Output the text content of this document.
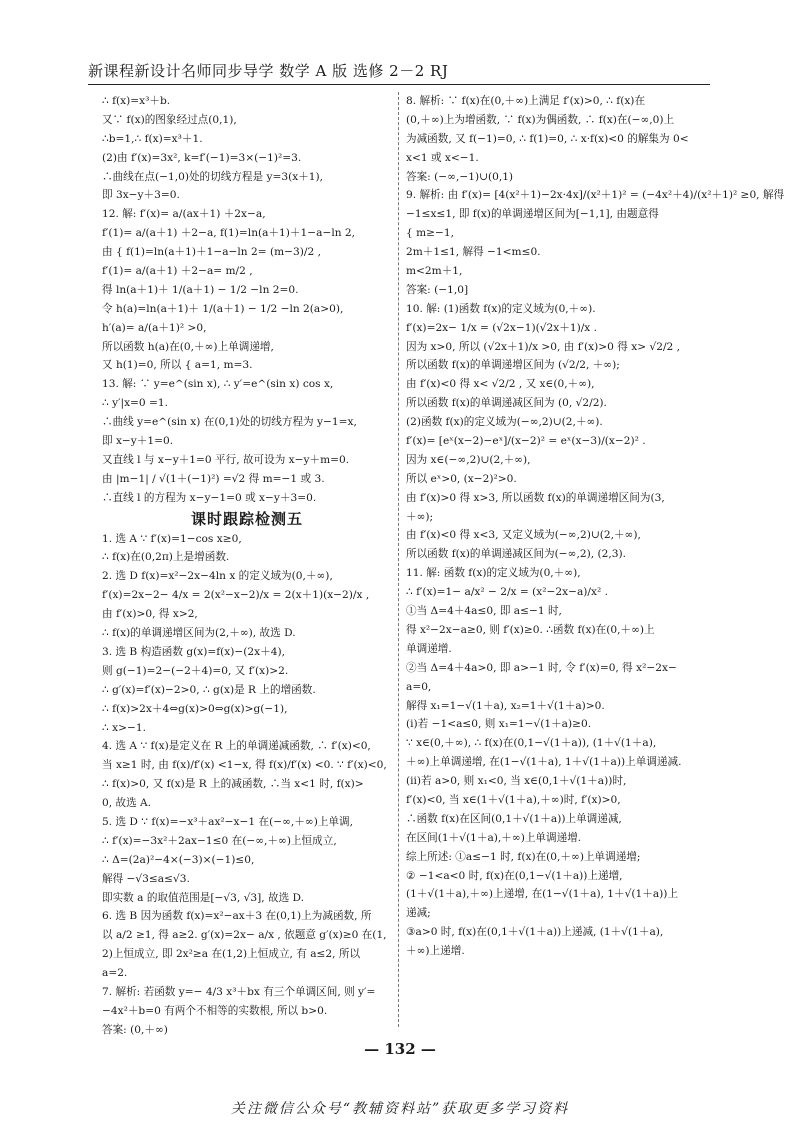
新课程新设计名师同步导学 数学 A 版 选修 2－2 RJ
∴ f(x)=x³＋b.
又∵ f(x)的图象经过点(0,1),
∴b=1,∴ f(x)=x³＋1.
(2)由 f′(x)=3x², k=f′(−1)=3×(−1)²=3.
∴曲线在点(−1,0)处的切线方程是 y=3(x＋1),
即 3x−y＋3=0.
12. 解: f′(x)= a/(ax＋1) ＋2x−a,
f′(1)= a/(a＋1) ＋2−a, f(1)=ln(a＋1)＋1−a−ln 2,
由 { f(1)=ln(a＋1)＋1−a−ln 2= (m−3)/2 ,
f′(1)= a/(a＋1) ＋2−a= m/2 ,
得 ln(a＋1)＋ 1/(a＋1) − 1/2 −ln 2=0.
令 h(a)=ln(a＋1)＋ 1/(a＋1) − 1/2 −ln 2(a>0),
h′(a)= a/(a＋1)² >0,
所以函数 h(a)在(0,＋∞)上单调递增,
又 h(1)=0, 所以 { a=1, m=3.
13. 解: ∵ y=e^(sin x), ∴ y′=e^(sin x) cos x,
∴ y′|x=0 =1.
∴曲线 y=e^(sin x) 在(0,1)处的切线方程为 y−1=x,
即 x−y＋1=0.
又直线 l 与 x−y＋1=0 平行, 故可设为 x−y＋m=0.
由 |m−1| / √(1＋(−1)²) =√2 得 m=−1 或 3.
∴直线 l 的方程为 x−y−1=0 或 x−y＋3=0.
课时跟踪检测五
1. 选 A ∵ f′(x)=1−cos x≥0,
∴ f(x)在(0,2π)上是增函数.
2. 选 D f(x)=x²−2x−4ln x 的定义域为(0,＋∞),
f′(x)=2x−2− 4/x = 2(x²−x−2)/x = 2(x＋1)(x−2)/x ,
由 f′(x)>0, 得 x>2,
∴ f(x)的单调递增区间为(2,＋∞), 故选 D.
3. 选 B 构造函数 g(x)=f(x)−(2x＋4),
则 g(−1)=2−(−2＋4)=0, 又 f′(x)>2.
∴ g′(x)=f′(x)−2>0, ∴ g(x)是 R 上的增函数.
∴ f(x)>2x＋4⇔g(x)>0⇔g(x)>g(−1),
∴ x>−1.
4. 选 A ∵ f(x)是定义在 R 上的单调递减函数, ∴ f′(x)<0,
当 x≥1 时, 由 f(x)/f′(x) <1−x, 得 f(x)/f′(x) <0. ∵ f′(x)<0,
∴ f(x)>0, 又 f(x)是 R 上的减函数, ∴当 x<1 时, f(x)>
0, 故选 A.
5. 选 D ∵ f(x)=−x³＋ax²−x−1 在(−∞,＋∞)上单调,
∴ f′(x)=−3x²＋2ax−1≤0 在(−∞,＋∞)上恒成立,
∴ Δ=(2a)²−4×(−3)×(−1)≤0,
解得 −√3≤a≤√3.
即实数 a 的取值范围是[−√3, √3], 故选 D.
6. 选 B 因为函数 f(x)=x²−ax＋3 在(0,1)上为减函数, 所
以 a/2 ≥1, 得 a≥2. g′(x)=2x− a/x , 依题意 g′(x)≥0 在(1,
2)上恒成立, 即 2x²≥a 在(1,2)上恒成立, 有 a≤2, 所以
a=2.
7. 解析: 若函数 y=− 4/3 x³＋bx 有三个单调区间, 则 y′=
−4x²＋b=0 有两个不相等的实数根, 所以 b>0.
答案: (0,＋∞)
8. 解析: ∵ f(x)在(0,＋∞)上满足 f′(x)>0, ∴ f(x)在
(0,＋∞)上为增函数, ∵ f(x)为偶函数, ∴ f(x)在(−∞,0)上
为减函数, 又 f(−1)=0, ∴ f(1)=0, ∴ x·f(x)<0 的解集为 0<
x<1 或 x<−1.
答案: (−∞,−1)∪(0,1)
9. 解析: 由 f′(x)= [4(x²＋1)−2x·4x]/(x²＋1)² = (−4x²＋4)/(x²＋1)² ≥0, 解得
−1≤x≤1, 即 f(x)的单调递增区间为[−1,1], 由题意得
{ m≥−1,
2m＋1≤1, 解得 −1<m≤0.
m<2m＋1,
答案: (−1,0]
10. 解: (1)函数 f(x)的定义域为(0,＋∞).
f′(x)=2x− 1/x = (√2x−1)(√2x＋1)/x .
因为 x>0, 所以 (√2x＋1)/x >0, 由 f′(x)>0 得 x> √2/2 ,
所以函数 f(x)的单调递增区间为 (√2/2, ＋∞);
由 f′(x)<0 得 x< √2/2 , 又 x∈(0,＋∞),
所以函数 f(x)的单调递减区间为 (0, √2/2).
(2)函数 f(x)的定义域为(−∞,2)∪(2,＋∞).
f′(x)= [eˣ(x−2)−eˣ]/(x−2)² = eˣ(x−3)/(x−2)² .
因为 x∈(−∞,2)∪(2,＋∞),
所以 eˣ>0, (x−2)²>0.
由 f′(x)>0 得 x>3, 所以函数 f(x)的单调递增区间为(3,
＋∞);
由 f′(x)<0 得 x<3, 又定义域为(−∞,2)∪(2,＋∞),
所以函数 f(x)的单调递减区间为(−∞,2), (2,3).
11. 解: 函数 f(x)的定义域为(0,＋∞),
∴ f′(x)=1− a/x² − 2/x = (x²−2x−a)/x² .
①当 Δ=4＋4a≤0, 即 a≤−1 时,
得 x²−2x−a≥0, 则 f′(x)≥0. ∴函数 f(x)在(0,＋∞)上
单调递增.
②当 Δ=4＋4a>0, 即 a>−1 时, 令 f′(x)=0, 得 x²−2x−
a=0,
解得 x₁=1−√(1＋a), x₂=1＋√(1＋a)>0.
(ⅰ)若 −1<a≤0, 则 x₁=1−√(1＋a)≥0.
∵ x∈(0,＋∞), ∴ f(x)在(0,1−√(1＋a)), (1＋√(1＋a),
＋∞)上单调递增, 在(1−√(1＋a), 1＋√(1＋a))上单调递减.
(ⅱ)若 a>0, 则 x₁<0, 当 x∈(0,1＋√(1＋a))时,
f′(x)<0, 当 x∈(1＋√(1＋a),＋∞)时, f′(x)>0,
∴函数 f(x)在区间(0,1＋√(1＋a))上单调递减,
在区间(1＋√(1＋a),＋∞)上单调递增.
综上所述: ①a≤−1 时, f(x)在(0,＋∞)上单调递增;
② −1<a<0 时, f(x)在(0,1−√(1＋a))上递增,
(1＋√(1＋a),＋∞)上递增, 在(1−√(1＋a), 1＋√(1＋a))上
递减;
③a>0 时, f(x)在(0,1＋√(1＋a))上递减, (1＋√(1＋a),
＋∞)上递增.
— 132 —
关注微信公众号“教辅资料站”获取更多学习资料
